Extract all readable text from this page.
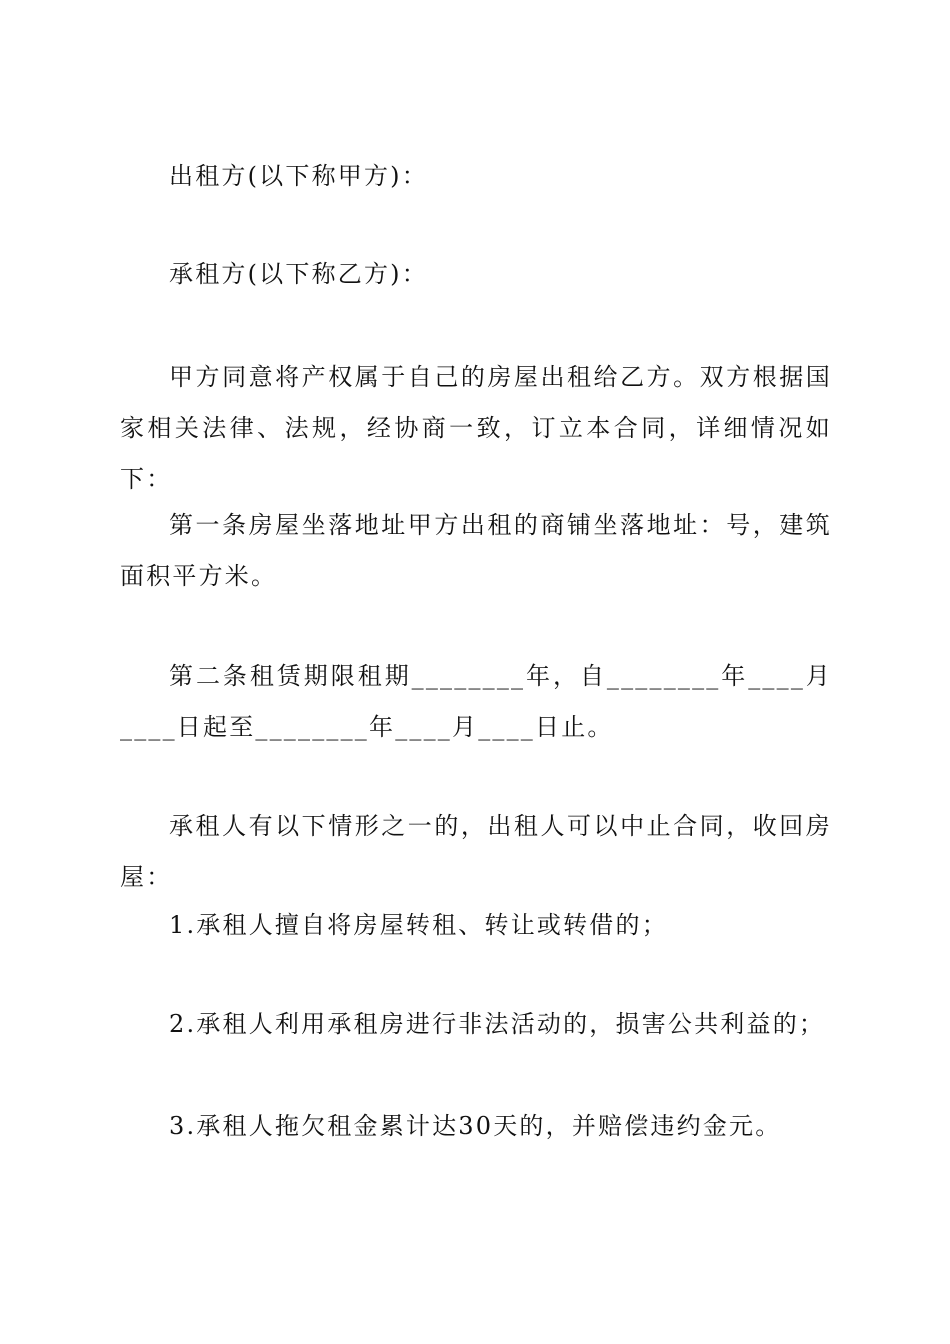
出租方(以下称甲方)：
承租方(以下称乙方)：
甲方同意将产权属于自己的房屋出租给乙方。双方根据国家相关法律、法规，经协商一致，订立本合同，详细情况如下：
第一条房屋坐落地址甲方出租的商铺坐落地址：号，建筑面积平方米。
第二条租赁期限租期________年，自________年____月____日起至________年____月____日止。
承租人有以下情形之一的，出租人可以中止合同，收回房屋：
1.承租人擅自将房屋转租、转让或转借的；
2.承租人利用承租房进行非法活动的，损害公共利益的；
3.承租人拖欠租金累计达30天的，并赔偿违约金元。
